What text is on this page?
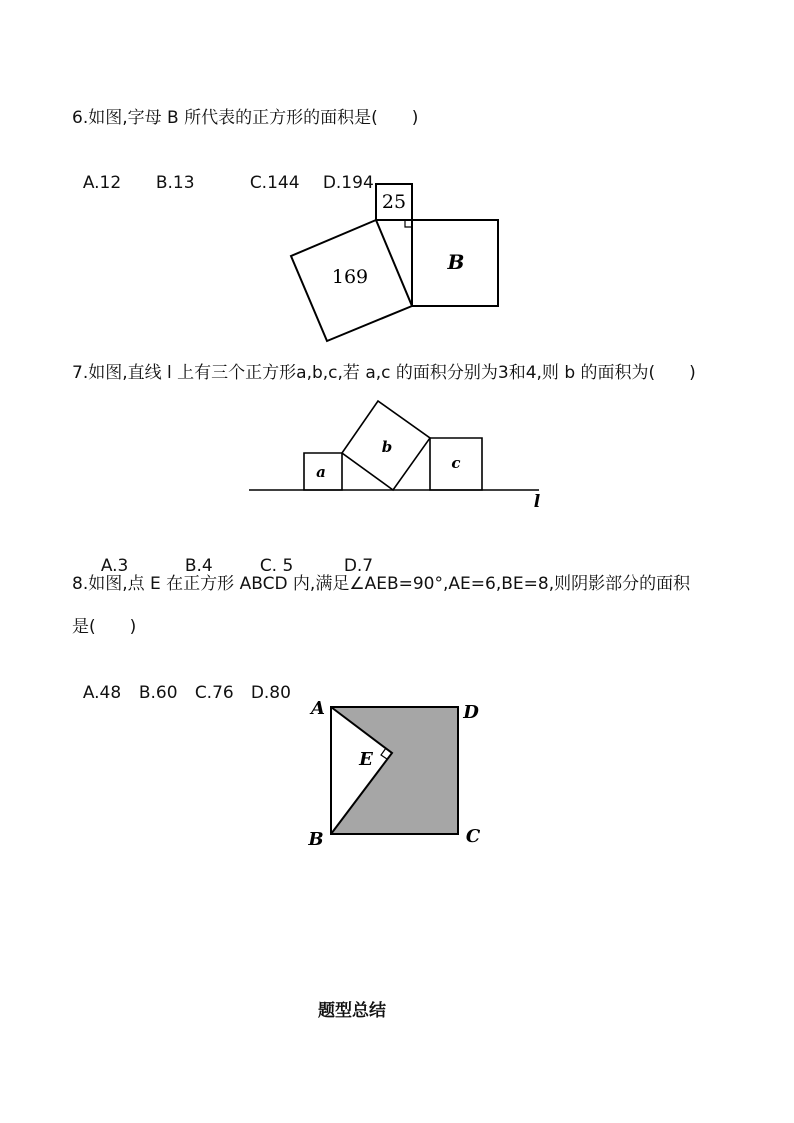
6.如图,字母 B 所代表的正方形的面积是(　　)

A.12 B.13	C.144 D.194

25
169
B
7.如图,直线 l 上有三个正方形a,b,c,若 a,c 的面积分别为3和4,则 b 的面积为(　　)
a
b
c
l

A.3	B.4	C. 5	D.7

8.如图,点 E 在正方形 ABCD 内,满足∠AEB=90°,AE=6,BE=8,则阴影部分的面积
是(　　)

A.48 B.60 C.76 D.80

A	D
B	C
E
题型总结
